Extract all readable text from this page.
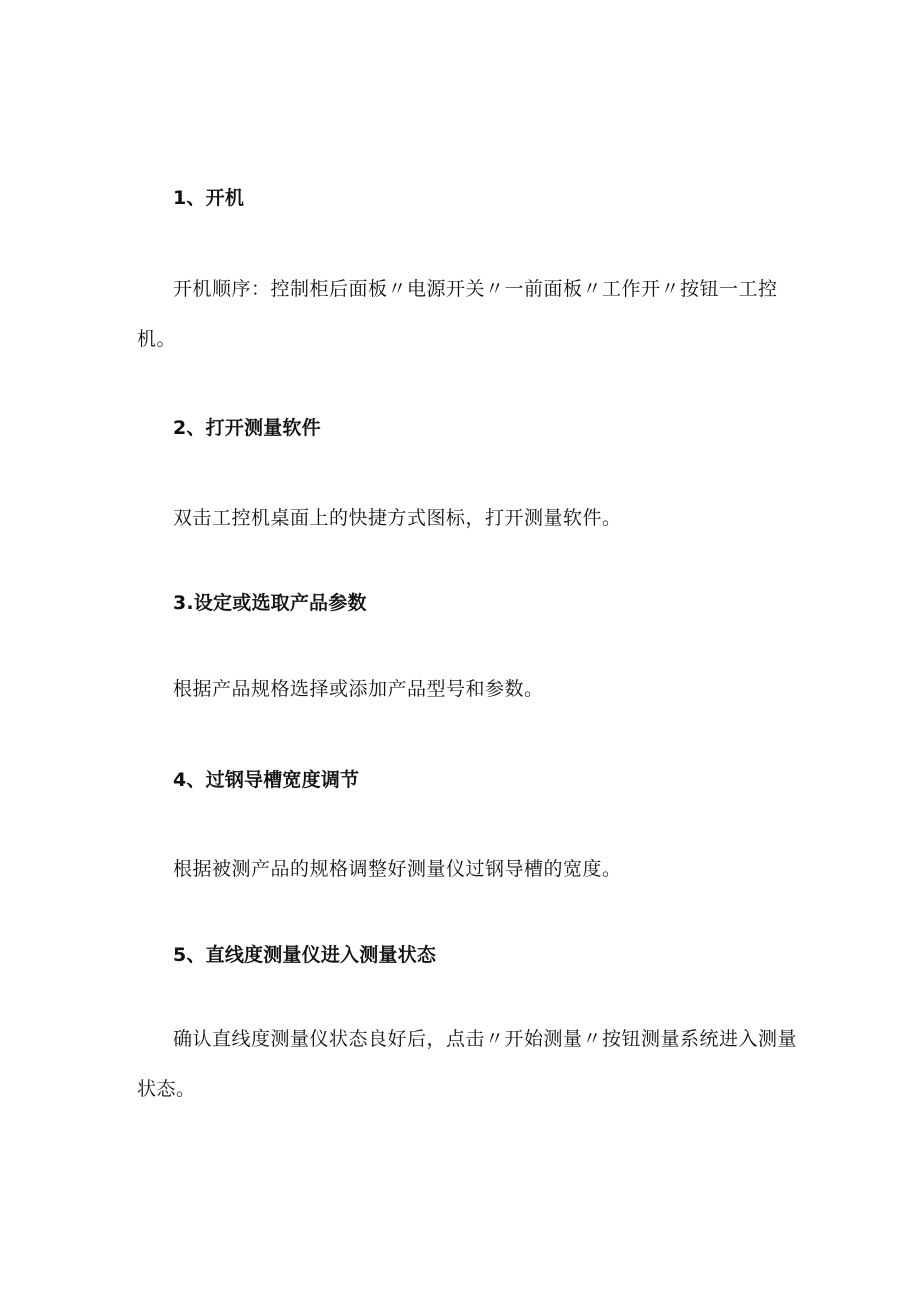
1、开机
开机顺序：控制柜后面板〃电源开关〃一前面板〃工作开〃按钮一工控机。
2、打开测量软件
双击工控机桌面上的快捷方式图标，打开测量软件。
3.设定或选取产品参数
根据产品规格选择或添加产品型号和参数。
4、过钢导槽宽度调节
根据被测产品的规格调整好测量仪过钢导槽的宽度。
5、直线度测量仪进入测量状态
确认直线度测量仪状态良好后，点击〃开始测量〃按钮测量系统进入测量状态。
